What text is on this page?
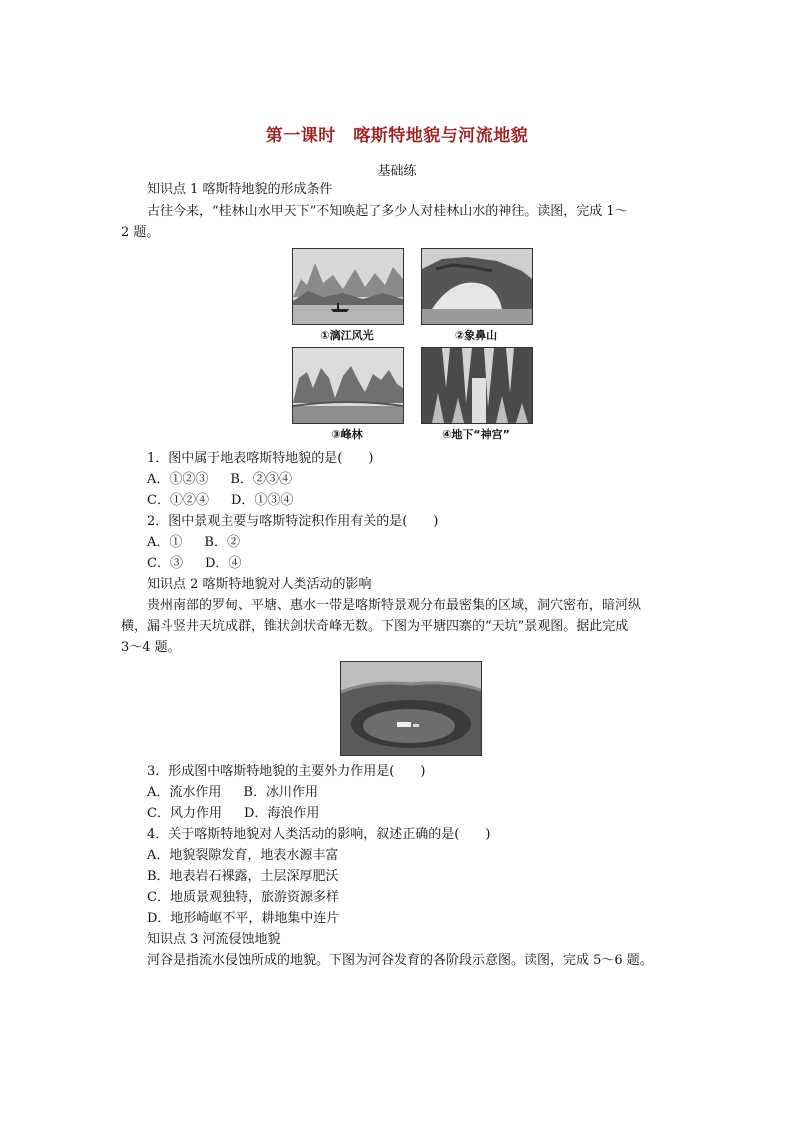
第一课时　喀斯特地貌与河流地貌
基础练
知识点 1 喀斯特地貌的形成条件
古往今来，“桂林山水甲天下”不知唤起了多少人对桂林山水的神往。读图，完成 1～
2 题。
①漓江风光	②象鼻山
③峰林	④地下“神宫”
1．图中属于地表喀斯特地貌的是(　　)
A．①②③ B．②③④
C．①②④ D．①③④
2．图中景观主要与喀斯特淀积作用有关的是(　　)
A．① B．②
C．③ D．④
知识点 2 喀斯特地貌对人类活动的影响
贵州南部的罗甸、平塘、惠水一带是喀斯特景观分布最密集的区域，洞穴密布，暗河纵
横，漏斗竖井天坑成群，锥状剑状奇峰无数。下图为平塘四寨的“天坑”景观图。据此完成
3～4 题。
3．形成图中喀斯特地貌的主要外力作用是(　　)
A．流水作用 B．冰川作用
C．风力作用 D．海浪作用
4．关于喀斯特地貌对人类活动的影响，叙述正确的是(　　)
A．地貌裂隙发育，地表水源丰富
B．地表岩石裸露，土层深厚肥沃
C．地质景观独特，旅游资源多样
D．地形崎岖不平，耕地集中连片
知识点 3 河流侵蚀地貌
河谷是指流水侵蚀所成的地貌。下图为河谷发育的各阶段示意图。读图，完成 5～6 题。
